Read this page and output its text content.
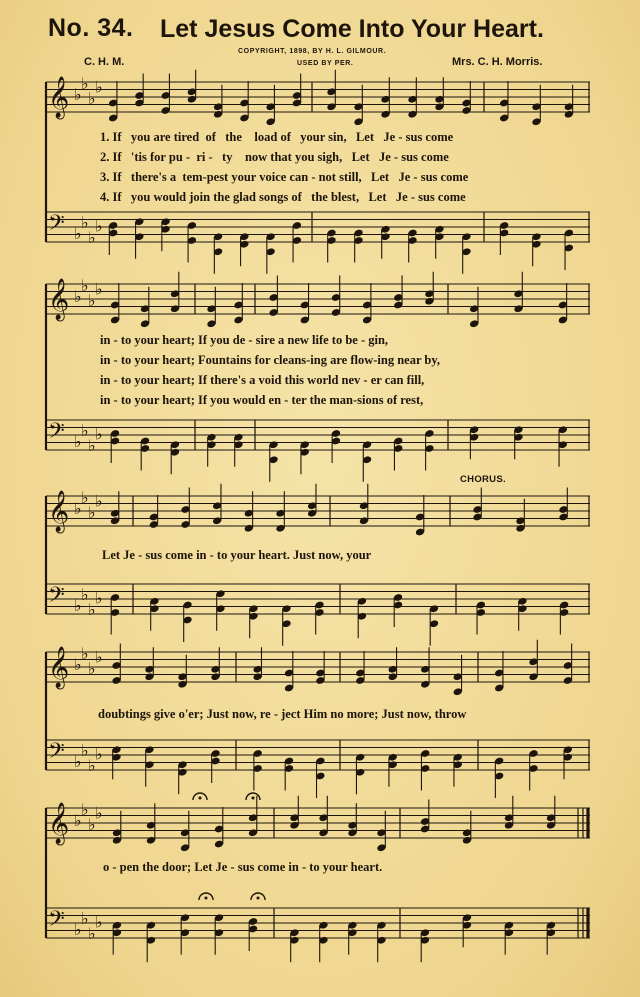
No. 34. Let Jesus Come Into Your Heart.
C. H. M.
COPYRIGHT, 1898, BY H. L. GILMOUR.
USED BY PER.	Mrs. C. H. Morris.
𝄞 ♭
♭
♭
♭
𝄢 ♭
♭
♭
♭
𝄞 ♭
♭
♭
♭
𝄢 ♭
♭
♭
♭
𝄞 ♭
♭
♭
♭
𝄢 ♭
♭
♭
♭
𝄞 ♭
♭
♭
♭
𝄢 ♭
♭
♭
♭
𝄞 ♭
♭
♭
♭
𝄢 ♭
♭
♭
♭
1. If you are tired of the load of your sin, Let Je - sus come
2. If 'tis for pu - ri - ty now that you sigh, Let Je - sus come
3. If there's a tem-pest your voice can - not still, Let Je - sus come
4. If you would join the glad songs of the blest, Let Je - sus come
in - to your heart; If you de - sire a new life to be - gin,
in - to your heart; Fountains for cleans-ing are flow-ing near by,
in - to your heart; If there's a void this world nev - er can fill,
in - to your heart; If you would en - ter the man-sions of rest,
CHORUS.
Let Je - sus come in - to your heart. Just now, your
doubtings give o'er; Just now, re - ject Him no more; Just now, throw
o - pen the door; Let Je - sus come in - to your heart.
